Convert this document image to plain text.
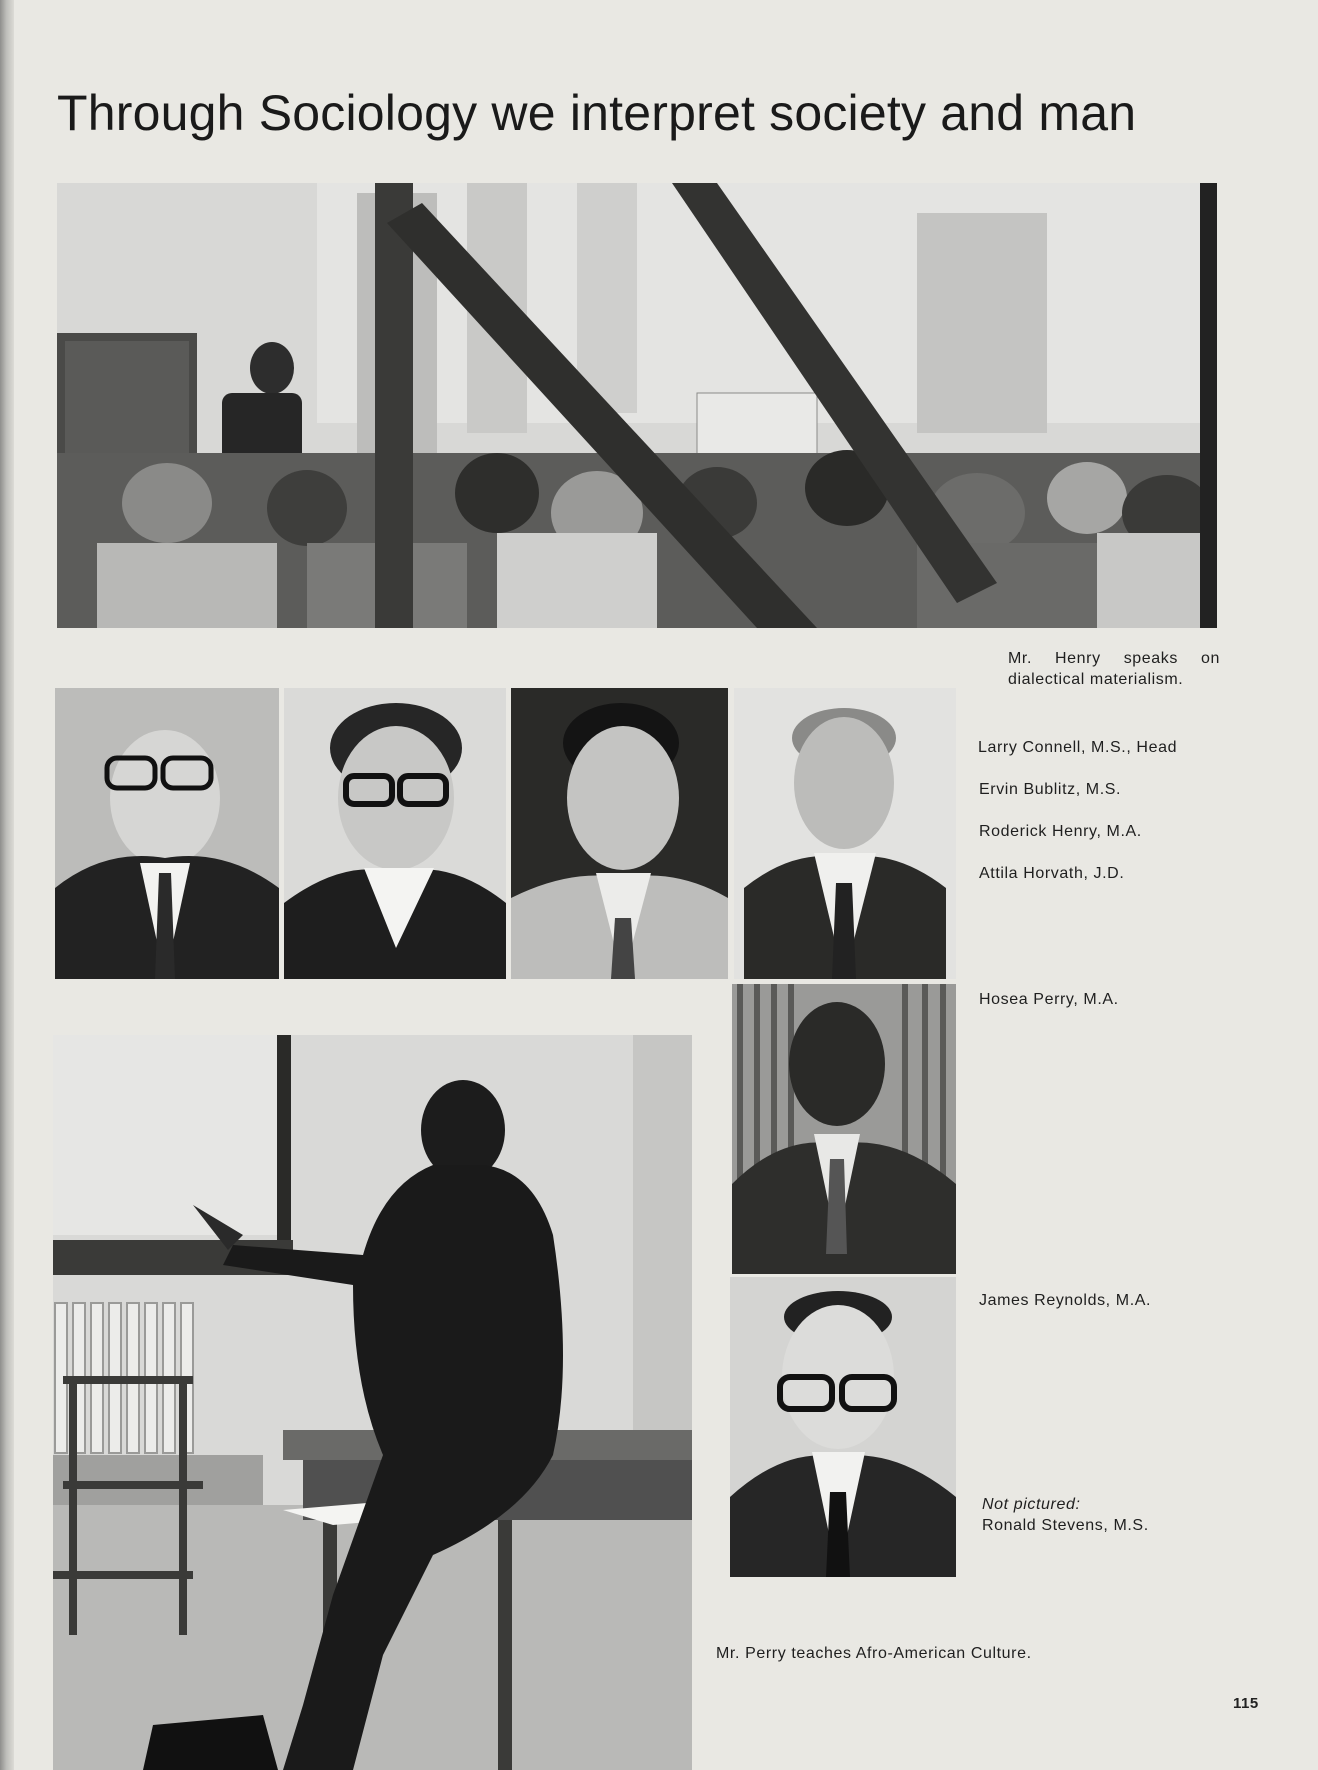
Through Sociology we interpret society and man

Mr. Henry speaks on dialectical materialism.

Larry Connell, M.S., Head

Ervin Bublitz, M.S.

Roderick Henry, M.A.

Attila Horvath, J.D.

Hosea Perry, M.A.

James Reynolds, M.A.

Not pictured:

Ronald Stevens, M.S.

Mr. Perry teaches Afro-American Culture.

115
